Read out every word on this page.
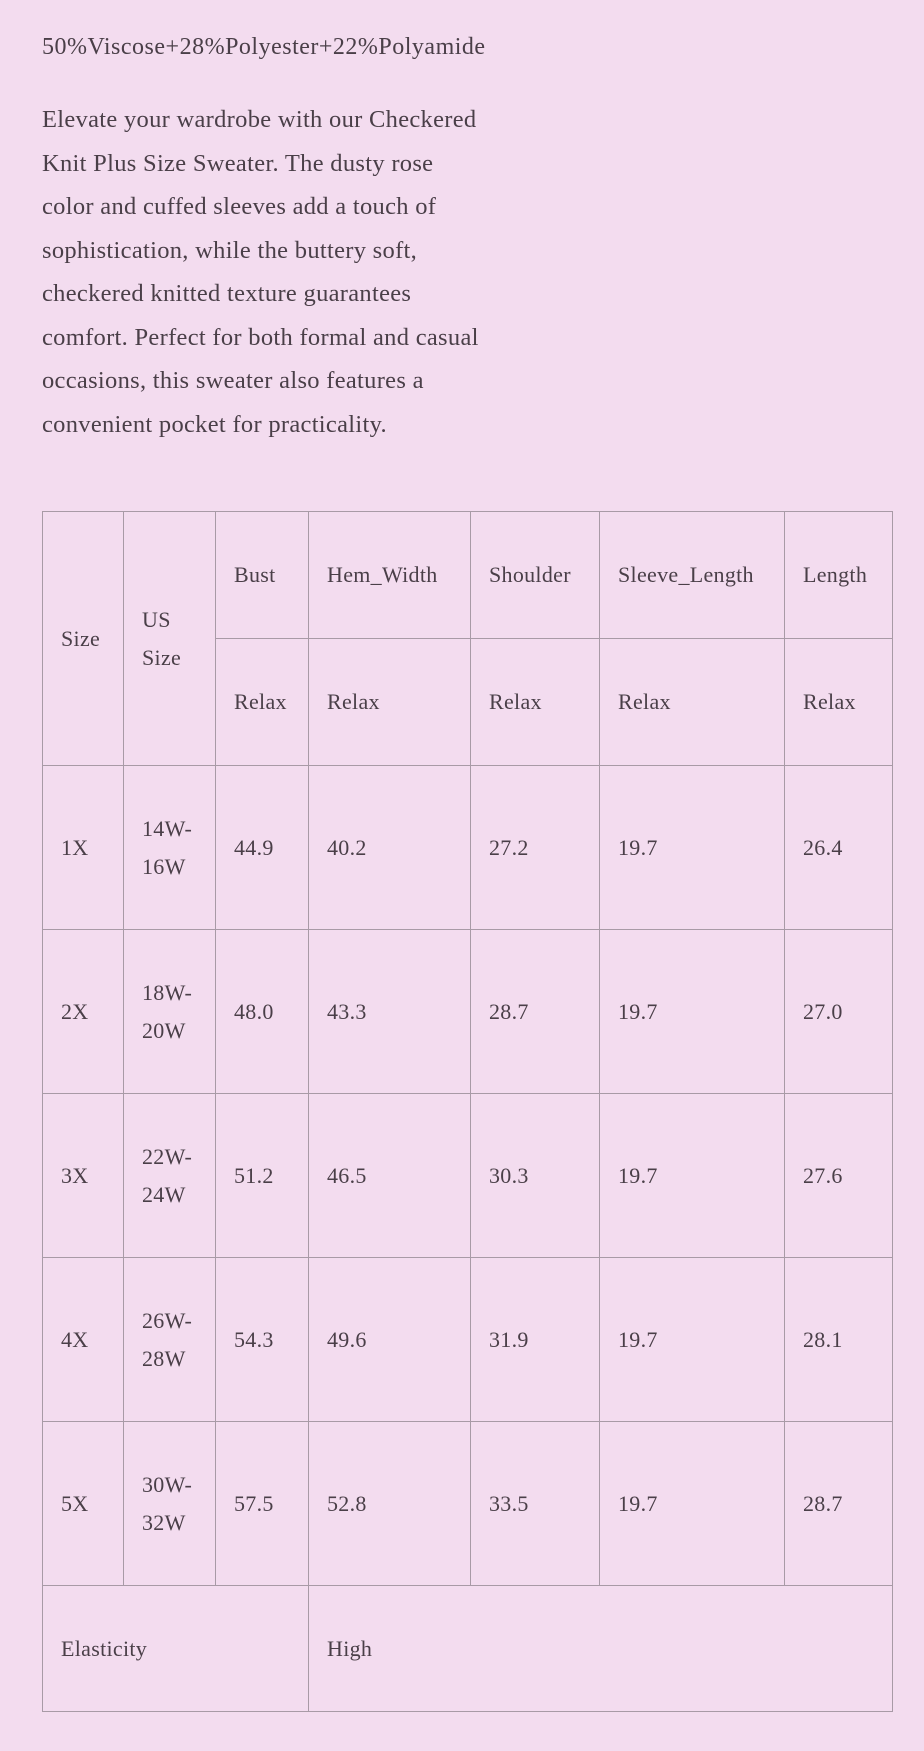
50%Viscose+28%Polyester+22%Polyamide
Elevate your wardrobe with our Checkered Knit Plus Size Sweater. The dusty rose color and cuffed sleeves add a touch of sophistication, while the buttery soft, checkered knitted texture guarantees comfort. Perfect for both formal and casual occasions, this sweater also features a convenient pocket for practicality.
Size	US Size	Bust	Hem_Width	Shoulder	Sleeve_Length	Length
		Relax	Relax	Relax	Relax	Relax
1X	14W-16W	44.9	40.2	27.2	19.7	26.4
2X	18W-20W	48.0	43.3	28.7	19.7	27.0
3X	22W-24W	51.2	46.5	30.3	19.7	27.6
4X	26W-28W	54.3	49.6	31.9	19.7	28.1
5X	30W-32W	57.5	52.8	33.5	19.7	28.7
Elasticity			High			
